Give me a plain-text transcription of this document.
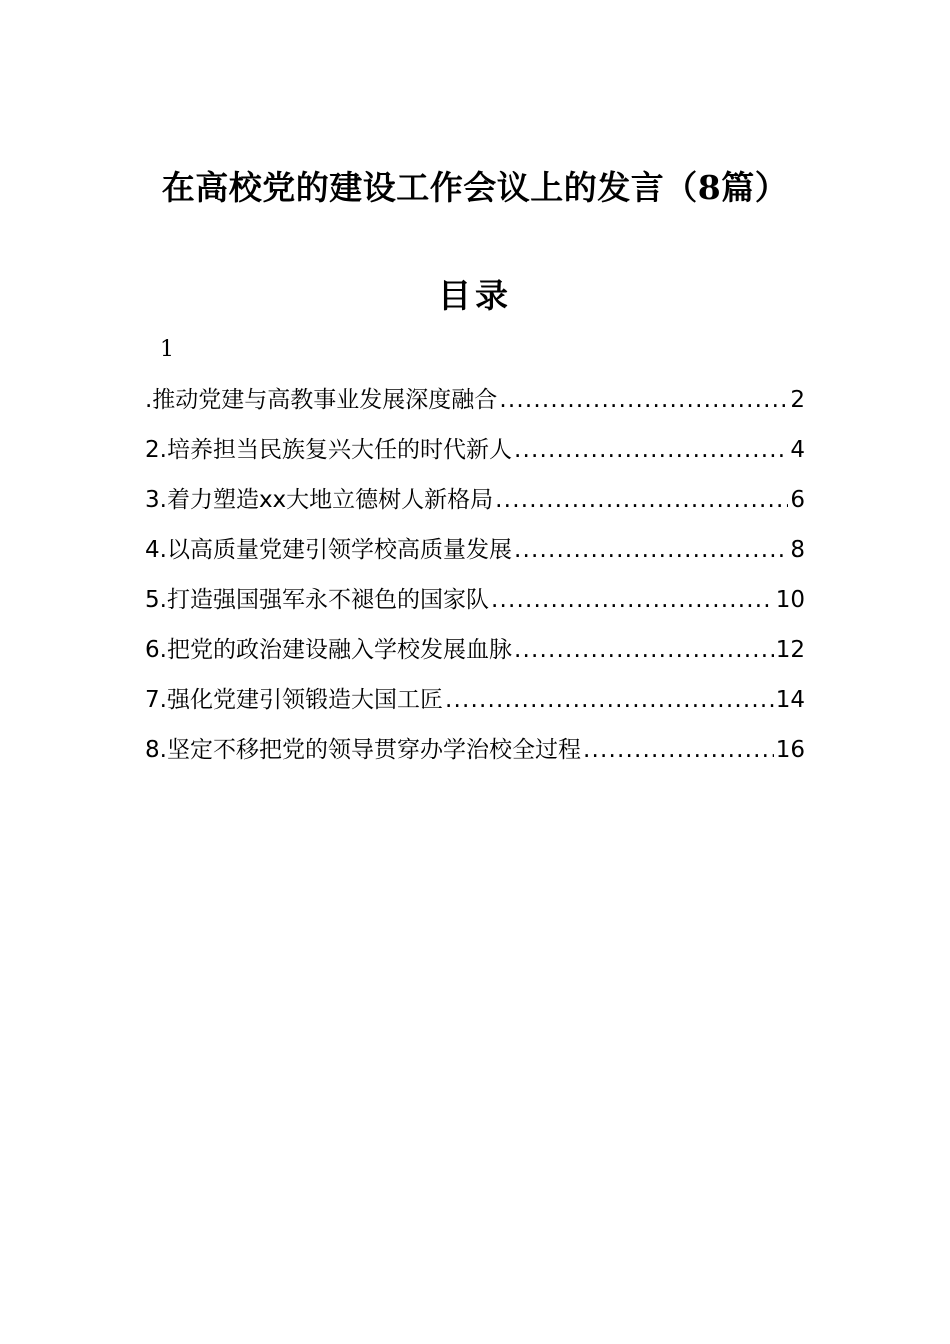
在高校党的建设工作会议上的发言（8篇）
目录
1
.推动党建与高教事业发展深度融合 .....	2
2.培养担当民族复兴大任的时代新人 .....	4
3.着力塑造xx大地立德树人新格局 .....	6
4.以高质量党建引领学校高质量发展 .....	8
5.打造强国强军永不褪色的国家队 .....	10
6.把党的政治建设融入学校发展血脉 .....	12
7.强化党建引领锻造大国工匠 .....	14
8.坚定不移把党的领导贯穿办学治校全过程 .....	16
